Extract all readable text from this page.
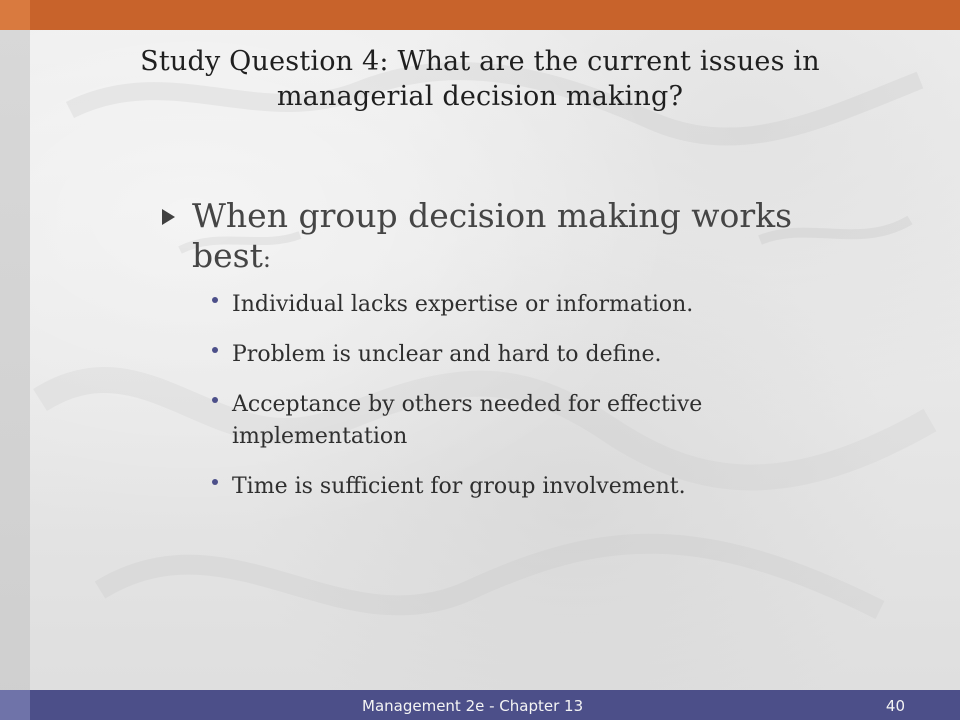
Study Question 4: What are the current issues in
managerial decision making?
When group decision making works best:
Individual lacks expertise or information.
Problem is unclear and hard to define.
Acceptance by others needed for effective implementation
Time is sufficient for group involvement.
Management 2e - Chapter 13	40
